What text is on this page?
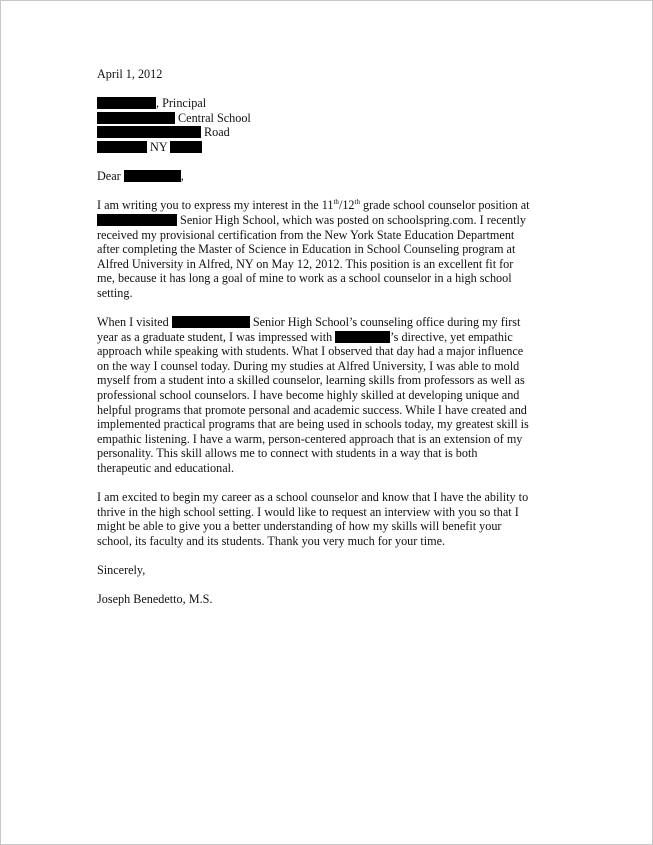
April 1, 2012
, Principal
Central School
Road
NY
Dear	,
I am writing you to express my interest in the 11th/12th grade school counselor position at
Senior High School, which was posted on schoolspring.com. I recently
received my provisional certification from the New York State Education Department
after completing the Master of Science in Education in School Counseling program at
Alfred University in Alfred, NY on May 12, 2012. This position is an excellent fit for
me, because it has long a goal of mine to work as a school counselor in a high school
setting.
When I visited	Senior High School’s counseling office during my first
year as a graduate student, I was impressed with	’s directive, yet empathic
approach while speaking with students. What I observed that day had a major influence
on the way I counsel today. During my studies at Alfred University, I was able to mold
myself from a student into a skilled counselor, learning skills from professors as well as
professional school counselors. I have become highly skilled at developing unique and
helpful programs that promote personal and academic success. While I have created and
implemented practical programs that are being used in schools today, my greatest skill is
empathic listening. I have a warm, person-centered approach that is an extension of my
personality. This skill allows me to connect with students in a way that is both
therapeutic and educational.
I am excited to begin my career as a school counselor and know that I have the ability to
thrive in the high school setting. I would like to request an interview with you so that I
might be able to give you a better understanding of how my skills will benefit your
school, its faculty and its students. Thank you very much for your time.
Sincerely,
Joseph Benedetto, M.S.
